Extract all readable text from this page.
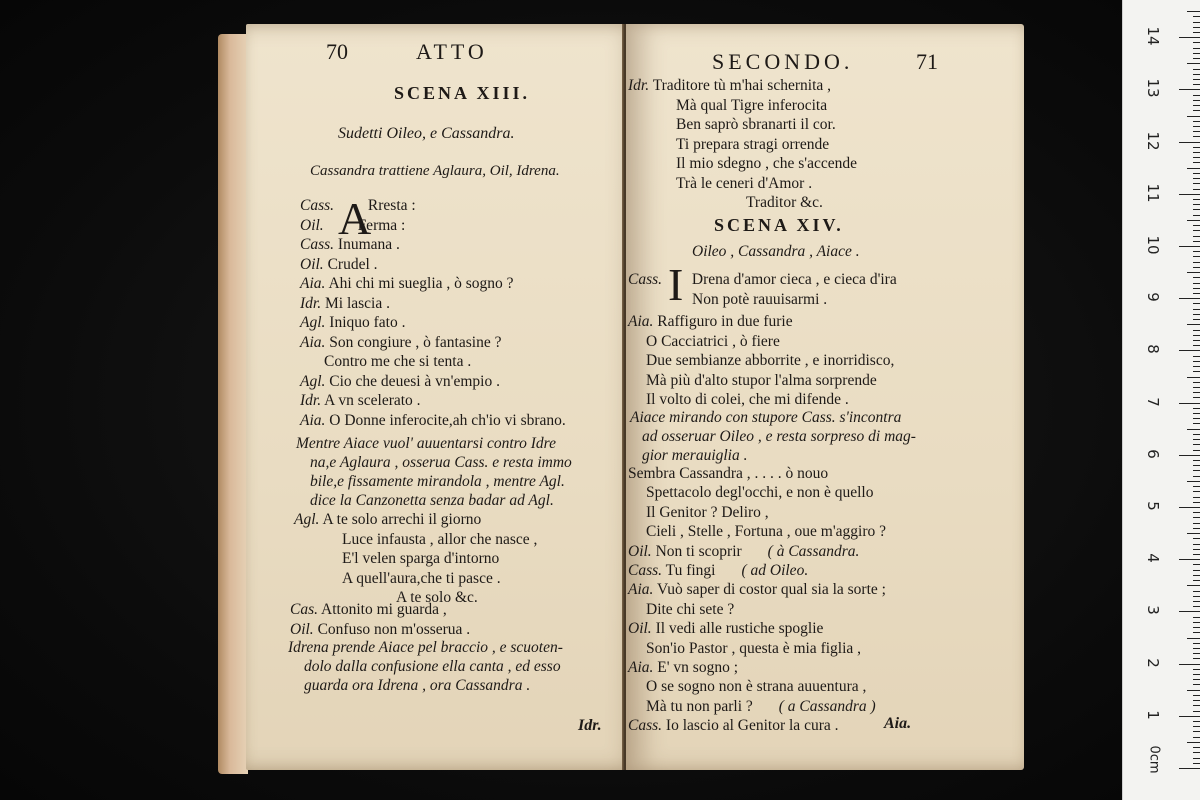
70	ATTO
SCENA XIII.
Sudetti Oileo, e Cassandra.
Cassandra trattiene Aglaura, Oil, Idrena.
Cass. Rresta :
Oil. Ferma :
Cass. Inumana .
Oil. Crudel .
Aia. Ahi chi mi sueglia , ò sogno ?
Idr. Mi lascia .
Agl. Iniquo fato .
Aia. Son congiure , ò fantasine ?
Contro me che si tenta .
Agl. Cio che deuesi à vn'empio .
Idr. A vn scelerato .
Aia. O Donne inferocite,ah ch'io vi sbrano.
A
Mentre Aiace vuol' auuentarsi contro Idre
na,e Aglaura , osserua Cass. e resta immo
bile,e fissamente mirandola , mentre Agl.
dice la Canzonetta senza badar ad Agl.
Agl. A te solo arrechi il giorno
Luce infausta , allor che nasce ,
E'l velen sparga d'intorno
A quell'aura,che ti pasce .
A te solo &c.
Cas. Attonito mi guarda ,
Oil. Confuso non m'osserua .
Idrena prende Aiace pel braccio , e scuoten-
dolo dalla confusione ella canta , ed esso
guarda ora Idrena , ora Cassandra .
Idr.
SECONDO.	71
Idr. Traditore tù m'hai schernita ,
Mà qual Tigre inferocita
Ben saprò sbranarti il cor.
Ti prepara stragi orrende
Il mio sdegno , che s'accende
Trà le ceneri d'Amor .
Traditor &c.
SCENA XIV.
Oileo , Cassandra , Aiace .
I
Cass. Drena d'amor cieca , e cieca d'ira
Non potè rauuisarmi .
Aia. Raffiguro in due furie
O Cacciatrici , ò fiere
Due sembianze abborrite , e inorridisco,
Mà più d'alto stupor l'alma sorprende
Il volto di colei, che mi difende .
Aiace mirando con stupore Cass. s'incontra
ad osseruar Oileo , e resta sorpreso di mag-
gior merauiglia .
Sembra Cassandra , . . . . ò nouo
Spettacolo degl'occhi, e non è quello
Il Genitor ? Deliro ,
Cieli , Stelle , Fortuna , oue m'aggiro ?
Oil. Non ti scoprir ( à Cassandra.
Cass. Tu fingi ( ad Oileo.
Aia. Vuò saper di costor qual sia la sorte ;
Dite chi sete ?
Oil. Il vedi alle rustiche spoglie
Son'io Pastor , questa è mia figlia ,
Aia. E' vn sogno ;
O se sogno non è strana auuentura ,
Mà tu non parli ? ( a Cassandra )
Cass. Io lascio al Genitor la cura .	Aia.
1
2
3
4
5
6
7
8
9
10
11
12
13
14
0cm
